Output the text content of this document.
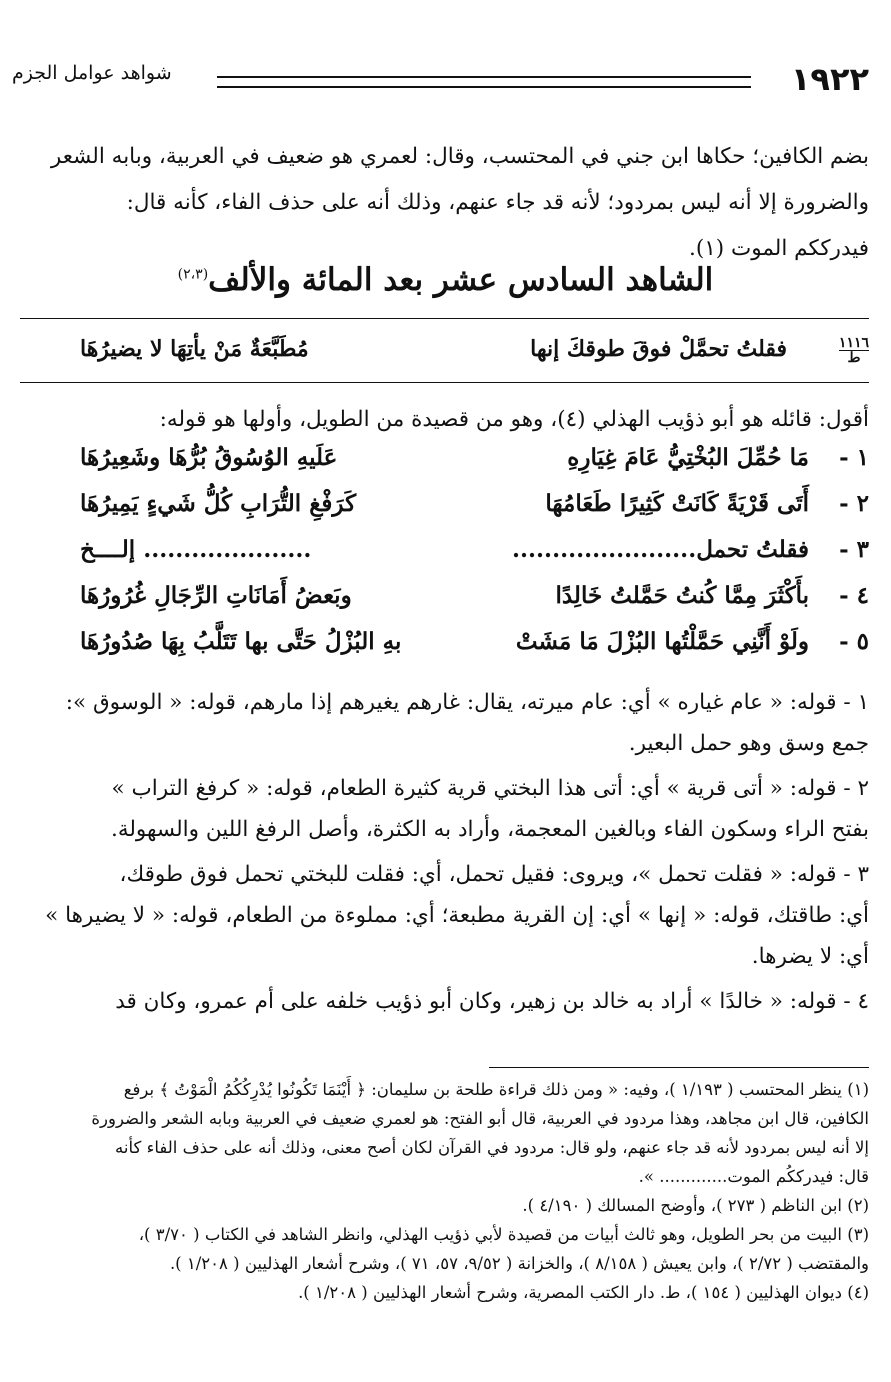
١٩٢٢
شواهد عوامل الجزم
بضم الكافين؛ حكاها ابن جني في المحتسب، وقال: لعمري هو ضعيف في العربية، وبابه الشعر
والضرورة إلا أنه ليس بمردود؛ لأنه قد جاء عنهم، وذلك أنه على حذف الفاء، كأنه قال:
فيدرككم الموت (١).
الشاهد السادس عشر بعد المائة والألف$^{(٢،٣)}$
١١١٦
ط
فقلتُ تحمَّلْ فوقَ طوقكَ إنها
مُطَبَّعَةٌ مَنْ يأتِهَا لا يضيرُهَا
أقول: قائله هو أبو ذؤيب الهذلي (٤)، وهو من قصيدة من الطويل، وأولها هو قوله:
١ -
مَا حُمِّلَ البُخْتِيُّ عَامَ غِيَارِهِ
عَلَيهِ الوُسُوقُ بُرُّهَا وشَعِيرُهَا
٢ -
أَتَى قَرْيَةً كَانَتْ كَثِيرًا طَعَامُهَا
كَرَفْغِ التُّرَابِ كُلُّ شَيءٍ يَمِيرُهَا
٣ -
فقلتُ تحمل.......................
..................... إلــــخ
٤ -
بأَكْثَرَ مِمَّا كُنتُ حَمَّلتُ خَالِدًا
وبَعضُ أَمَانَاتِ الرِّجَالِ غُرُورُهَا
٥ -
ولَوْ أَنَّنِي حَمَّلْتُها البُزْلَ مَا مَشَتْ
بهِ البُزْلُ حَتَّى بها تَتَلَّبُ بِهَا صُدُورُهَا
١ - قوله: « عام غياره » أي: عام ميرته، يقال: غارهم يغيرهم إذا مارهم، قوله: « الوسوق »:
جمع وسق وهو حمل البعير.
٢ - قوله: « أتى قرية » أي: أتى هذا البختي قرية كثيرة الطعام، قوله: « كرفغ التراب »
بفتح الراء وسكون الفاء وبالغين المعجمة، وأراد به الكثرة، وأصل الرفغ اللين والسهولة.
٣ - قوله: « فقلت تحمل »، ويروى: فقيل تحمل، أي: فقلت للبختي تحمل فوق طوقك،
أي: طاقتك، قوله: « إنها » أي: إن القرية مطبعة؛ أي: مملوءة من الطعام، قوله: « لا يضيرها »
أي: لا يضرها.
٤ - قوله: « خالدًا » أراد به خالد بن زهير، وكان أبو ذؤيب خلفه على أم عمرو، وكان قد
(١) ينظر المحتسب ( ١/١٩٣ )، وفيه: « ومن ذلك قراءة طلحة بن سليمان: ﴿ أَيْنَمَا تَكُونُوا يُدْرِكُكُمُ الْمَوْتُ ﴾ برفع
الكافين، قال ابن مجاهد، وهذا مردود في العربية، قال أبو الفتح: هو لعمري ضعيف في العربية وبابه الشعر والضرورة
إلا أنه ليس بمردود لأنه قد جاء عنهم، ولو قال: مردود في القرآن لكان أصح معنى، وذلك أنه على حذف الفاء كأنه
قال: فيدرككُم الموت............. ».
(٢) ابن الناظم ( ٢٧٣ )، وأوضح المسالك ( ٤/١٩٠ ).
(٣) البيت من بحر الطويل، وهو ثالث أبيات من قصيدة لأبي ذؤيب الهذلي، وانظر الشاهد في الكتاب ( ٣/٧٠ )،
والمقتضب ( ٢/٧٢ )، وابن يعيش ( ٨/١٥٨ )، والخزانة ( ٩/٥٢، ٥٧، ٧١ )، وشرح أشعار الهذليين ( ١/٢٠٨ ).
(٤) ديوان الهذليين ( ١٥٤ )، ط. دار الكتب المصرية، وشرح أشعار الهذليين ( ١/٢٠٨ ).
